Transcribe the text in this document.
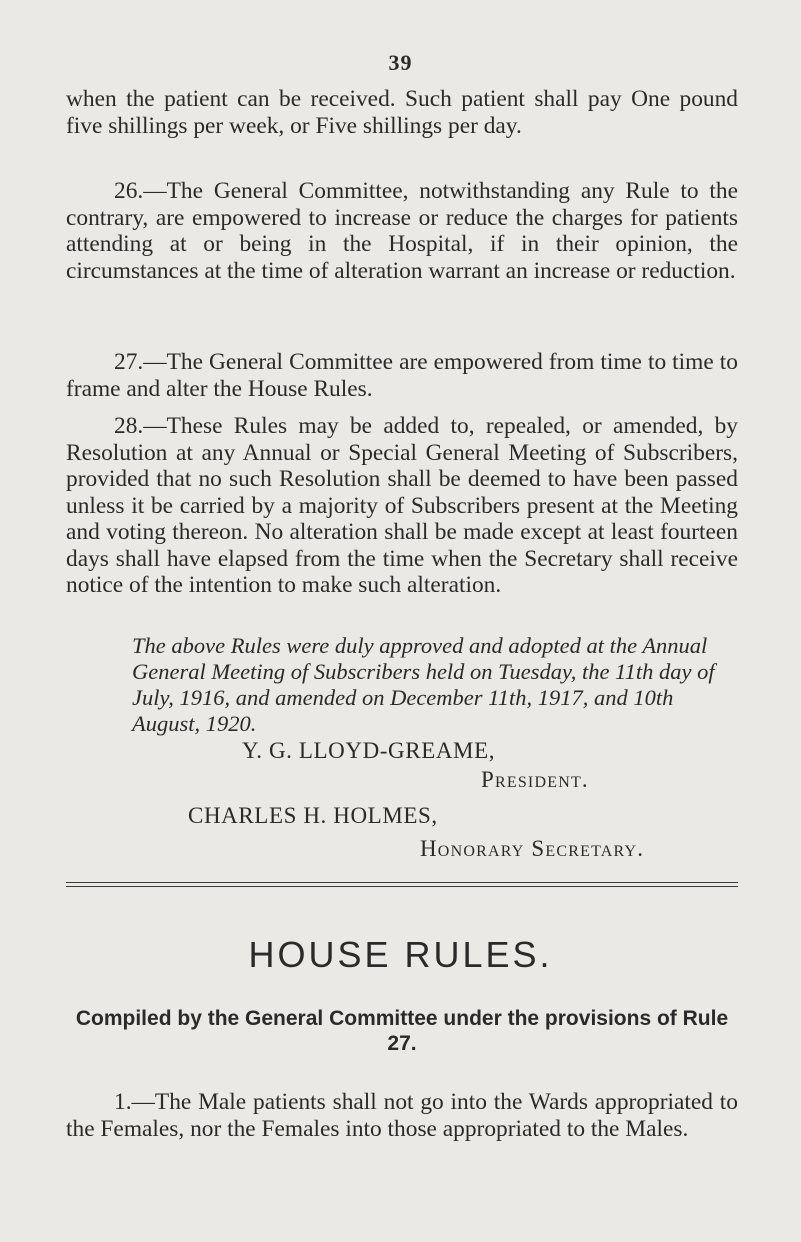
39

when the patient can be received. Such patient shall pay One pound five shillings per week, or Five shillings per day.

26.—The General Committee, notwithstanding any Rule to the contrary, are empowered to increase or reduce the charges for patients attending at or being in the Hospital, if in their opinion, the circumstances at the time of alteration warrant an increase or reduction.

27.—The General Committee are empowered from time to time to frame and alter the House Rules.

28.—These Rules may be added to, repealed, or amended, by Resolution at any Annual or Special General Meeting of Subscribers, provided that no such Resolution shall be deemed to have been passed unless it be carried by a majority of Subscribers present at the Meeting and voting thereon. No alteration shall be made except at least fourteen days shall have elapsed from the time when the Secretary shall receive notice of the intention to make such alteration.

The above Rules were duly approved and adopted at the Annual General Meeting of Subscribers held on Tuesday, the 11th day of July, 1916, and amended on December 11th, 1917, and 10th August, 1920.

Y. G. LLOYD-GREAME,
President.
CHARLES H. HOLMES,
Honorary Secretary.
HOUSE RULES.

Compiled by the General Committee under the provisions of Rule 27.

1.—The Male patients shall not go into the Wards appropriated to the Females, nor the Females into those appropriated to the Males.
